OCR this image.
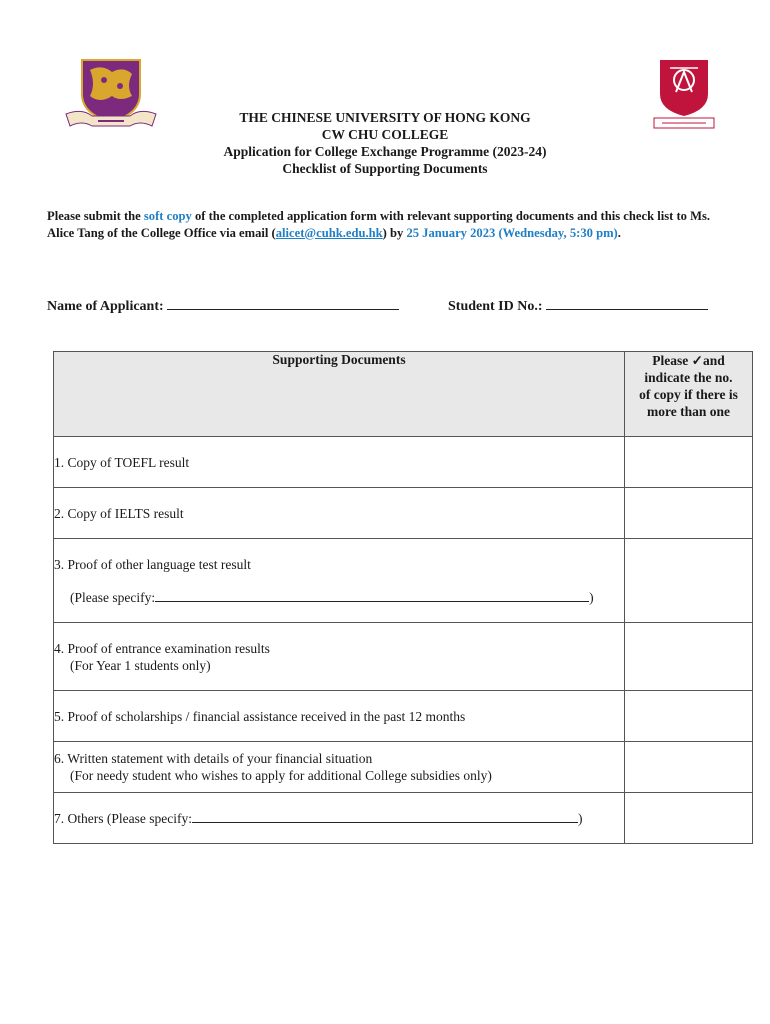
THE CHINESE UNIVERSITY OF HONG KONG
CW CHU COLLEGE
Application for College Exchange Programme (2023-24)
Checklist of Supporting Documents
Please submit the soft copy of the completed application form with relevant supporting documents and this check list to Ms. Alice Tang of the College Office via email (alicet@cuhk.edu.hk) by 25 January 2023 (Wednesday, 5:30 pm).
Name of Applicant:	Student ID No.:
Supporting Documents	Please ✓and
indicate the no.
of copy if there is
more than one
1. Copy of TOEFL result	
2. Copy of IELTS result	
3. Proof of other language test result
(Please specify: )	

4. Proof of entrance examination results

(For Year 1 students only)	

5. Proof of scholarships / financial assistance received in the past 12 months	
6. Written statement with details of your financial situation

(For needy student who wishes to apply for additional College subsidies only)	

7. Others (Please specify: )	
